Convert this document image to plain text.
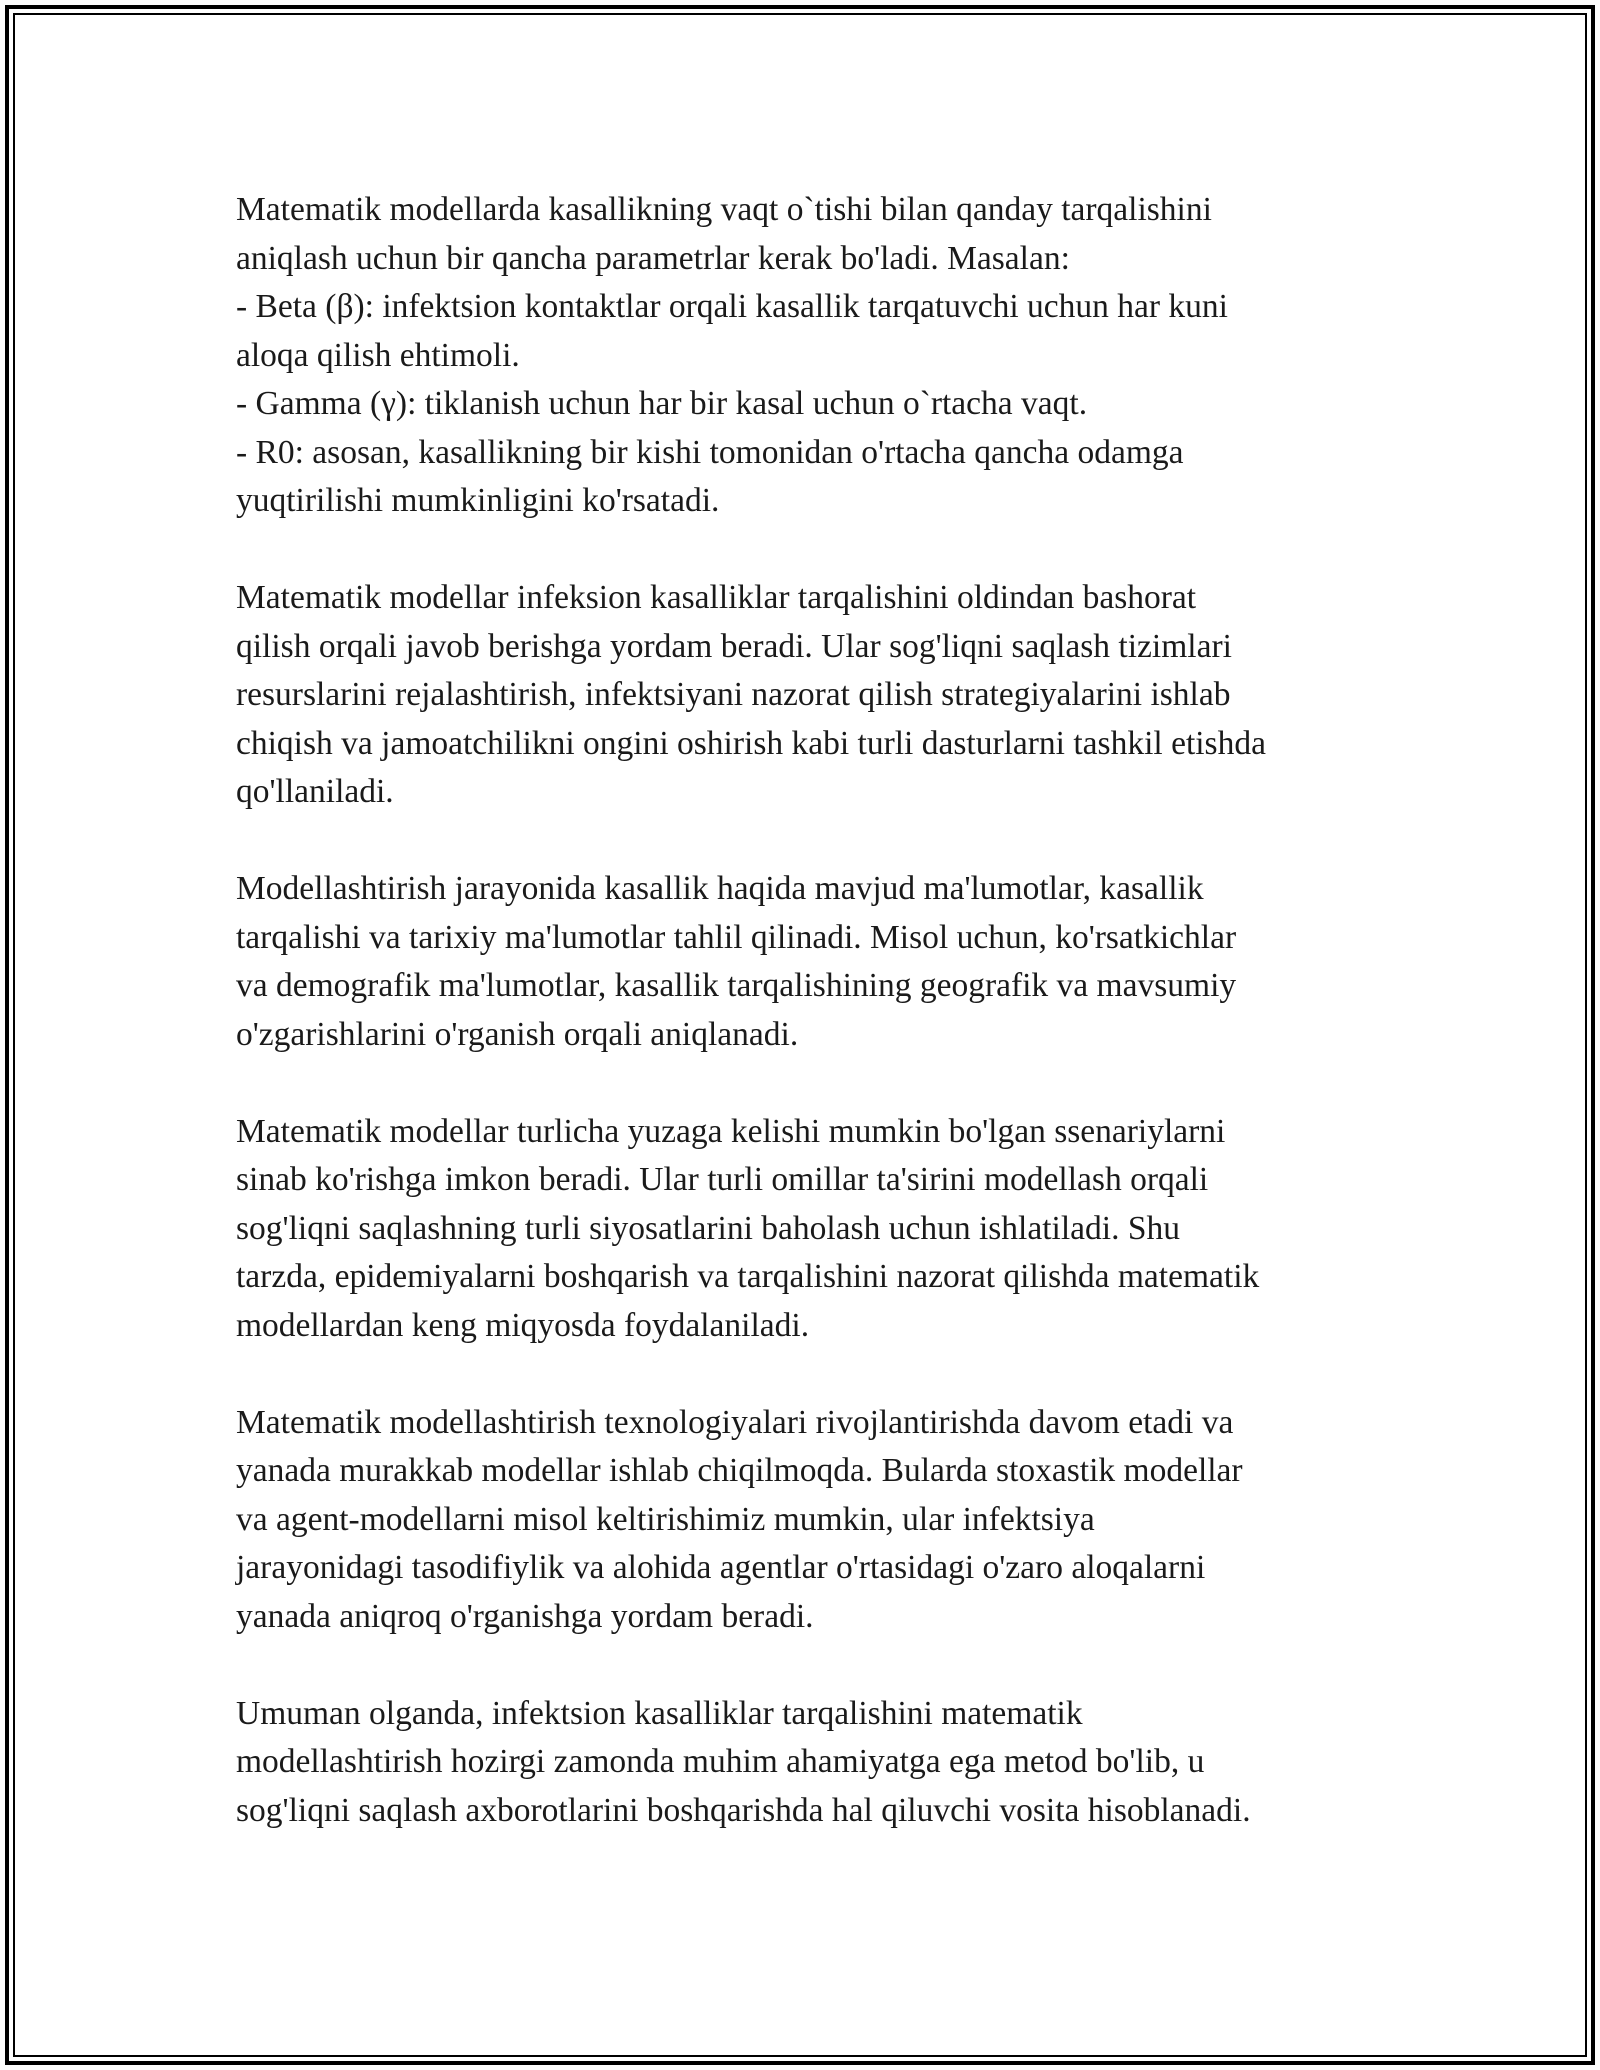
Matematik modellarda kasallikning vaqt o`tishi bilan qanday tarqalishini
aniqlash uchun bir qancha parametrlar kerak bo'ladi. Masalan:
- Beta (β): infektsion kontaktlar orqali kasallik tarqatuvchi uchun har kuni
aloqa qilish ehtimoli.
- Gamma (γ): tiklanish uchun har bir kasal uchun o`rtacha vaqt.
- R0: asosan, kasallikning bir kishi tomonidan o'rtacha qancha odamga
yuqtirilishi mumkinligini ko'rsatadi.

Matematik modellar infeksion kasalliklar tarqalishini oldindan bashorat
qilish orqali javob berishga yordam beradi. Ular sog'liqni saqlash tizimlari
resurslarini rejalashtirish, infektsiyani nazorat qilish strategiyalarini ishlab
chiqish va jamoatchilikni ongini oshirish kabi turli dasturlarni tashkil etishda
qo'llaniladi.

Modellashtirish jarayonida kasallik haqida mavjud ma'lumotlar, kasallik
tarqalishi va tarixiy ma'lumotlar tahlil qilinadi. Misol uchun, ko'rsatkichlar
va demografik ma'lumotlar, kasallik tarqalishining geografik va mavsumiy
o'zgarishlarini o'rganish orqali aniqlanadi.

Matematik modellar turlicha yuzaga kelishi mumkin bo'lgan ssenariylarni
sinab ko'rishga imkon beradi. Ular turli omillar ta'sirini modellash orqali
sog'liqni saqlashning turli siyosatlarini baholash uchun ishlatiladi. Shu
tarzda, epidemiyalarni boshqarish va tarqalishini nazorat qilishda matematik
modellardan keng miqyosda foydalaniladi.

Matematik modellashtirish texnologiyalari rivojlantirishda davom etadi va
yanada murakkab modellar ishlab chiqilmoqda. Bularda stoxastik modellar
va agent-modellarni misol keltirishimiz mumkin, ular infektsiya
jarayonidagi tasodifiylik va alohida agentlar o'rtasidagi o'zaro aloqalarni
yanada aniqroq o'rganishga yordam beradi.

Umuman olganda, infektsion kasalliklar tarqalishini matematik
modellashtirish hozirgi zamonda muhim ahamiyatga ega metod bo'lib, u
sog'liqni saqlash axborotlarini boshqarishda hal qiluvchi vosita hisoblanadi.
